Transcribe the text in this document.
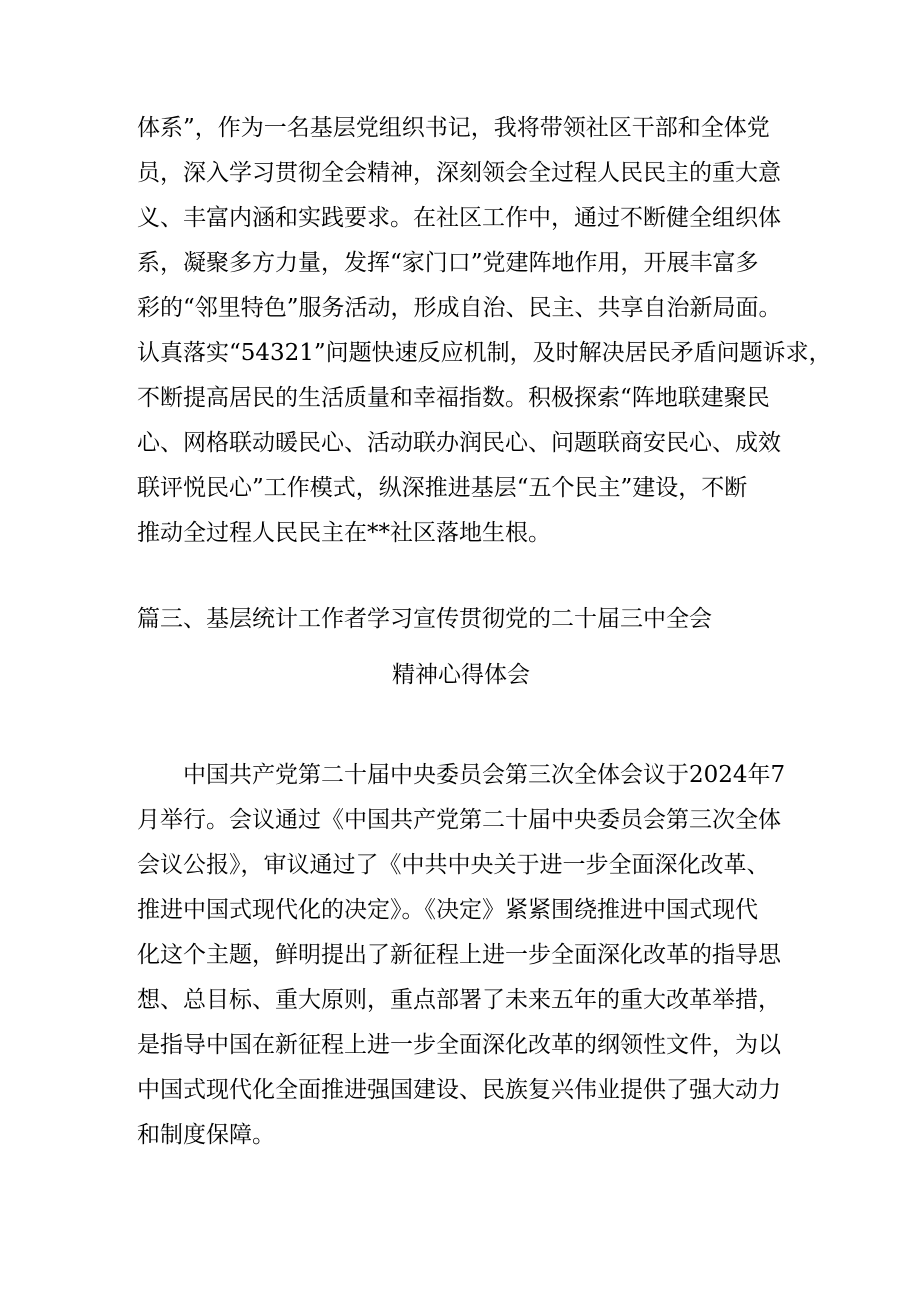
体系”，作为一名基层党组织书记，我将带领社区干部和全体党
员，深入学习贯彻全会精神，深刻领会全过程人民民主的重大意
义、丰富内涵和实践要求。在社区工作中，通过不断健全组织体
系，凝聚多方力量，发挥“家门口”党建阵地作用，开展丰富多
彩的“邻里特色”服务活动，形成自治、民主、共享自治新局面。
认真落实“54321”问题快速反应机制，及时解决居民矛盾问题诉求，
不断提高居民的生活质量和幸福指数。积极探索“阵地联建聚民
心、网格联动暖民心、活动联办润民心、问题联商安民心、成效
联评悦民心”工作模式，纵深推进基层“五个民主”建设，不断
推动全过程人民民主在**社区落地生根。
篇三、基层统计工作者学习宣传贯彻党的二十届三中全会
精神心得体会
中国共产党第二十届中央委员会第三次全体会议于2024年7
月举行。会议通过《中国共产党第二十届中央委员会第三次全体
会议公报》，审议通过了《中共中央关于进一步全面深化改革、
推进中国式现代化的决定》。《决定》紧紧围绕推进中国式现代
化这个主题，鲜明提出了新征程上进一步全面深化改革的指导思
想、总目标、重大原则，重点部署了未来五年的重大改革举措，
是指导中国在新征程上进一步全面深化改革的纲领性文件，为以
中国式现代化全面推进强国建设、民族复兴伟业提供了强大动力
和制度保障。
